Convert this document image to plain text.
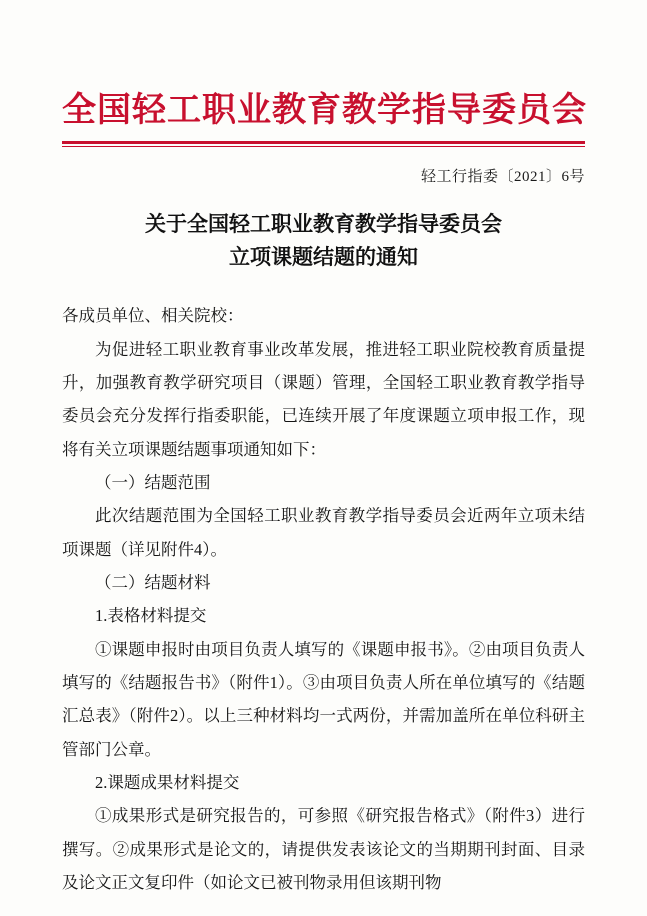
全国轻工职业教育教学指导委员会
轻工行指委〔2021〕6号
关于全国轻工职业教育教学指导委员会
立项课题结题的通知

各成员单位、相关院校：

为促进轻工职业教育事业改革发展，推进轻工职业院校教育质量提升，加强教育教学研究项目（课题）管理，全国轻工职业教育教学指导委员会充分发挥行指委职能，已连续开展了年度课题立项申报工作，现将有关立项课题结题事项通知如下：

（一）结题范围

此次结题范围为全国轻工职业教育教学指导委员会近两年立项未结项课题（详见附件4）。

（二）结题材料

1.表格材料提交

①课题申报时由项目负责人填写的《课题申报书》。②由项目负责人填写的《结题报告书》（附件1）。③由项目负责人所在单位填写的《结题汇总表》（附件2）。以上三种材料均一式两份，并需加盖所在单位科研主管部门公章。

2.课题成果材料提交

①成果形式是研究报告的，可参照《研究报告格式》（附件3）进行撰写。②成果形式是论文的，请提供发表该论文的当期期刊封面、目录及论文正文复印件（如论文已被刊物录用但该期刊物
